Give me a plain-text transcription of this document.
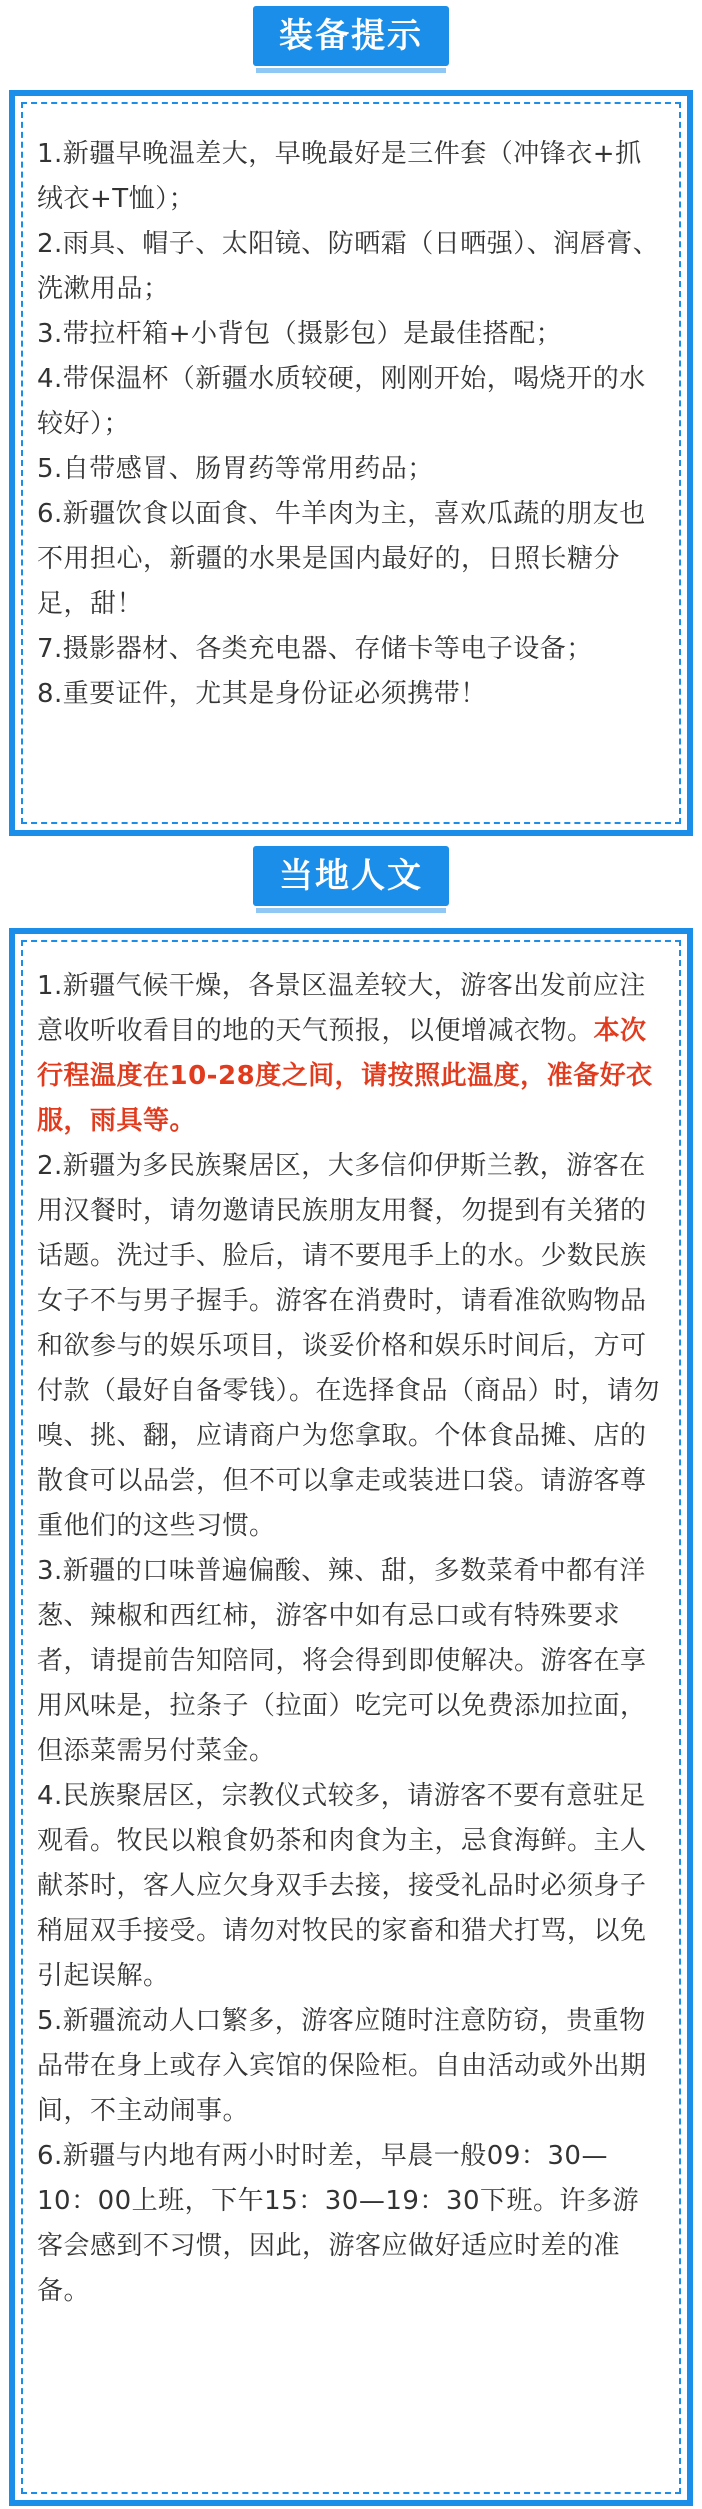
装备提示

1.新疆早晚温差大，早晚最好是三件套（冲锋衣+抓绒衣+T恤）；

2.雨具、帽子、太阳镜、防晒霜（日晒强）、润唇膏、洗漱用品；

3.带拉杆箱+小背包（摄影包）是最佳搭配；

4.带保温杯（新疆水质较硬，刚刚开始，喝烧开的水较好）；

5.自带感冒、肠胃药等常用药品；

6.新疆饮食以面食、牛羊肉为主，喜欢瓜蔬的朋友也不用担心，新疆的水果是国内最好的，日照长糖分足，甜！

7.摄影器材、各类充电器、存储卡等电子设备；

8.重要证件，尤其是身份证必须携带！

当地人文

1.新疆气候干燥，各景区温差较大，游客出发前应注意收听收看目的地的天气预报，以便增减衣物。本次行程温度在10-28度之间，请按照此温度，准备好衣服，雨具等。

2.新疆为多民族聚居区，大多信仰伊斯兰教，游客在用汉餐时，请勿邀请民族朋友用餐，勿提到有关猪的话题。洗过手、脸后，请不要甩手上的水。少数民族女子不与男子握手。游客在消费时，请看准欲购物品和欲参与的娱乐项目，谈妥价格和娱乐时间后，方可付款（最好自备零钱）。在选择食品（商品）时，请勿嗅、挑、翻，应请商户为您拿取。个体食品摊、店的散食可以品尝，但不可以拿走或装进口袋。请游客尊重他们的这些习惯。

3.新疆的口味普遍偏酸、辣、甜，多数菜肴中都有洋葱、辣椒和西红柿，游客中如有忌口或有特殊要求者，请提前告知陪同，将会得到即使解决。游客在享用风味是，拉条子（拉面）吃完可以免费添加拉面，但添菜需另付菜金。

4.民族聚居区，宗教仪式较多，请游客不要有意驻足观看。牧民以粮食奶茶和肉食为主，忌食海鲜。主人献茶时，客人应欠身双手去接，接受礼品时必须身子稍屈双手接受。请勿对牧民的家畜和猎犬打骂，以免引起误解。

5.新疆流动人口繁多，游客应随时注意防窃，贵重物品带在身上或存入宾馆的保险柜。自由活动或外出期间，不主动闹事。

6.新疆与内地有两小时时差，早晨一般09：30—10：00上班，下午15：30—19：30下班。许多游客会感到不习惯，因此，游客应做好适应时差的准备。
